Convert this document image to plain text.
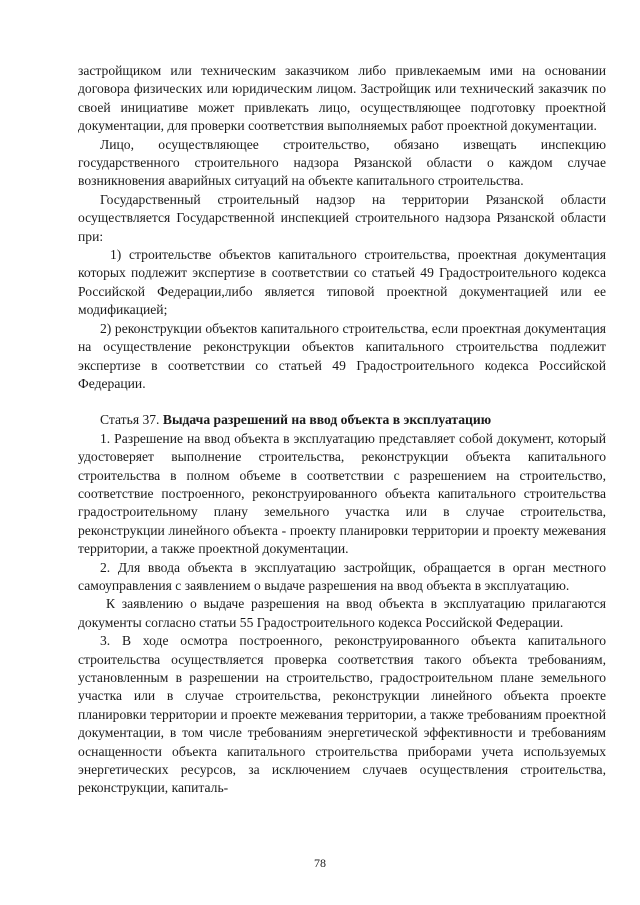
застройщиком или техническим заказчиком либо привлекаемым ими на основании договора физических или юридическим лицом. Застройщик или технический заказчик по своей инициативе может привлекать лицо, осуществляющее подготовку проектной документации, для проверки соответствия выполняемых работ проектной документации.

Лицо, осуществляющее строительство, обязано извещать инспекцию государственного строительного надзора Рязанской области о каждом случае возникновения аварийных ситуаций на объекте капитального строительства.

Государственный строительный надзор на территории Рязанской области осуществляется Государственной инспекцией строительного надзора Рязанской области при:

1) строительстве объектов капитального строительства, проектная документация которых подлежит экспертизе в соответствии со статьей 49 Градостроительного кодекса Российской Федерации,либо является типовой проектной документацией или ее модификацией;

2) реконструкции объектов капитального строительства, если проектная документация на осуществление реконструкции объектов капитального строительства подлежит экспертизе в соответствии со статьей 49 Градостроительного кодекса Российской Федерации.

Статья 37. Выдача разрешений на ввод объекта в эксплуатацию

1. Разрешение на ввод объекта в эксплуатацию представляет собой документ, который удостоверяет выполнение строительства, реконструкции объекта капитального строительства в полном объеме в соответствии с разрешением на строительство, соответствие построенного, реконструированного объекта капитального строительства градостроительному плану земельного участка или в случае строительства, реконструкции линейного объекта - проекту планировки территории и проекту межевания территории, а также проектной документации.

2. Для ввода объекта в эксплуатацию застройщик, обращается в орган местного самоуправления с заявлением о выдаче разрешения на ввод объекта в эксплуатацию.

К заявлению о выдаче разрешения на ввод объекта в эксплуатацию прилагаются документы согласно статьи 55 Градостроительного кодекса Российской Федерации.

3. В ходе осмотра построенного, реконструированного объекта капитального строительства осуществляется проверка соответствия такого объекта требованиям, установленным в разрешении на строительство, градостроительном плане земельного участка или в случае строительства, реконструкции линейного объекта проекте планировки территории и проекте межевания территории, а также требованиям проектной документации, в том числе требованиям энергетической эффективности и требованиям оснащенности объекта капитального строительства приборами учета используемых энергетических ресурсов, за исключением случаев осуществления строительства, реконструкции, капиталь-

78
